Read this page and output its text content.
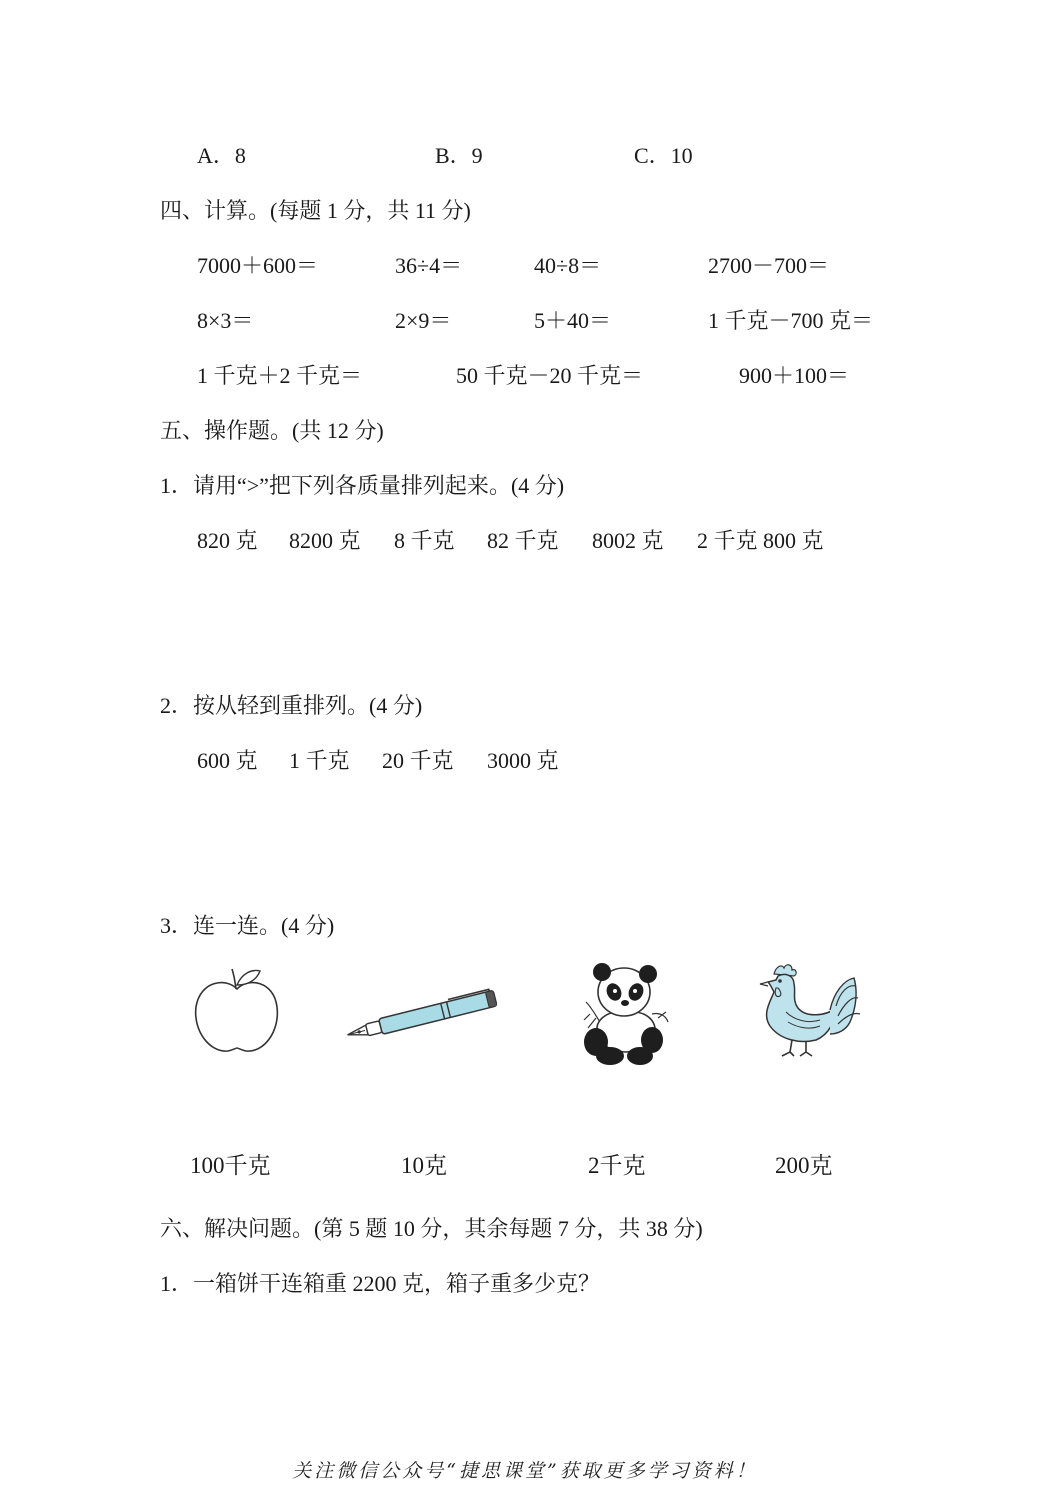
A．8	B．9	C．10
四、计算。(每题 1 分，共 11 分)
7000＋600＝	36÷4＝	40÷8＝	2700－700＝
8×3＝	2×9＝	5＋40＝	1 千克－700 克＝
1 千克＋2 千克＝	50 千克－20 千克＝	900＋100＝
五、操作题。(共 12 分)
1．请用“>”把下列各质量排列起来。(4 分)
820 克 8200 克 8 千克 82 千克 8002 克 2 千克 800 克
2．按从轻到重排列。(4 分)
600 克 1 千克 20 千克 3000 克
3．连一连。(4 分)
100千克	10克	2千克	200克
六、解决问题。(第 5 题 10 分，其余每题 7 分，共 38 分)
1．一箱饼干连箱重 2200 克，箱子重多少克？
关注微信公众号“捷思课堂”获取更多学习资料！
